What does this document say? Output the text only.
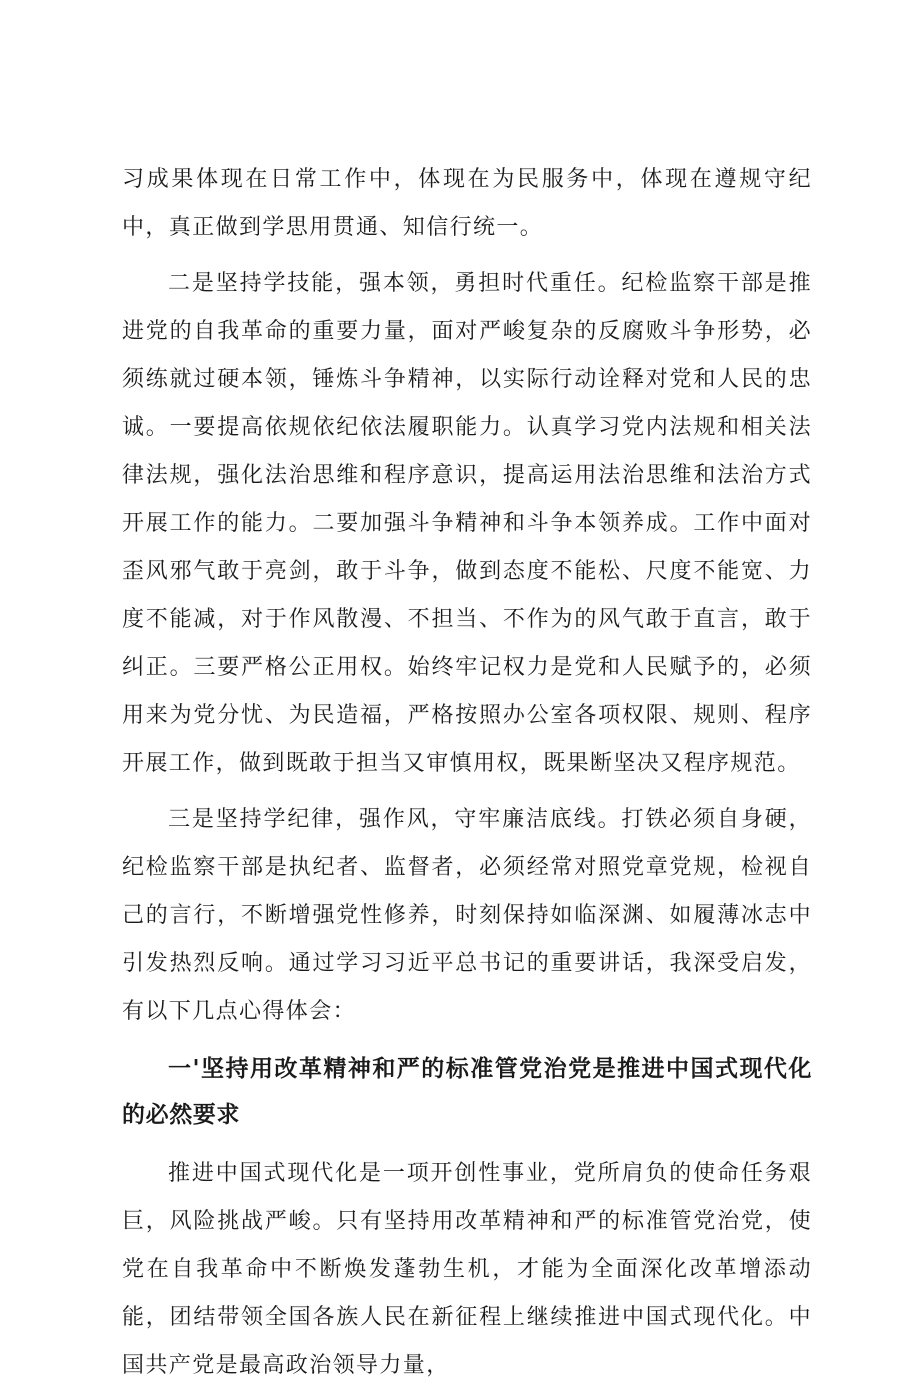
习成果体现在日常工作中，体现在为民服务中，体现在遵规守纪中，真正做到学思用贯通、知信行统一。

二是坚持学技能，强本领，勇担时代重任。纪检监察干部是推进党的自我革命的重要力量，面对严峻复杂的反腐败斗争形势，必须练就过硬本领，锤炼斗争精神，以实际行动诠释对党和人民的忠诚。一要提高依规依纪依法履职能力。认真学习党内法规和相关法律法规，强化法治思维和程序意识，提高运用法治思维和法治方式开展工作的能力。二要加强斗争精神和斗争本领养成。工作中面对歪风邪气敢于亮剑，敢于斗争，做到态度不能松、尺度不能宽、力度不能减，对于作风散漫、不担当、不作为的风气敢于直言，敢于纠正。三要严格公正用权。始终牢记权力是党和人民赋予的，必须用来为党分忧、为民造福，严格按照办公室各项权限、规则、程序开展工作，做到既敢于担当又审慎用权，既果断坚决又程序规范。

三是坚持学纪律，强作风，守牢廉洁底线。打铁必须自身硬，纪检监察干部是执纪者、监督者，必须经常对照党章党规，检视自己的言行，不断增强党性修养，时刻保持如临深渊、如履薄冰志中引发热烈反响。通过学习习近平总书记的重要讲话，我深受启发，有以下几点心得体会：

一'坚持用改革精神和严的标准管党治党是推进中国式现代化的必然要求

推进中国式现代化是一项开创性事业，党所肩负的使命任务艰巨，风险挑战严峻。只有坚持用改革精神和严的标准管党治党，使党在自我革命中不断焕发蓬勃生机，才能为全面深化改革增添动能，团结带领全国各族人民在新征程上继续推进中国式现代化。中国共产党是最高政治领导力量，
